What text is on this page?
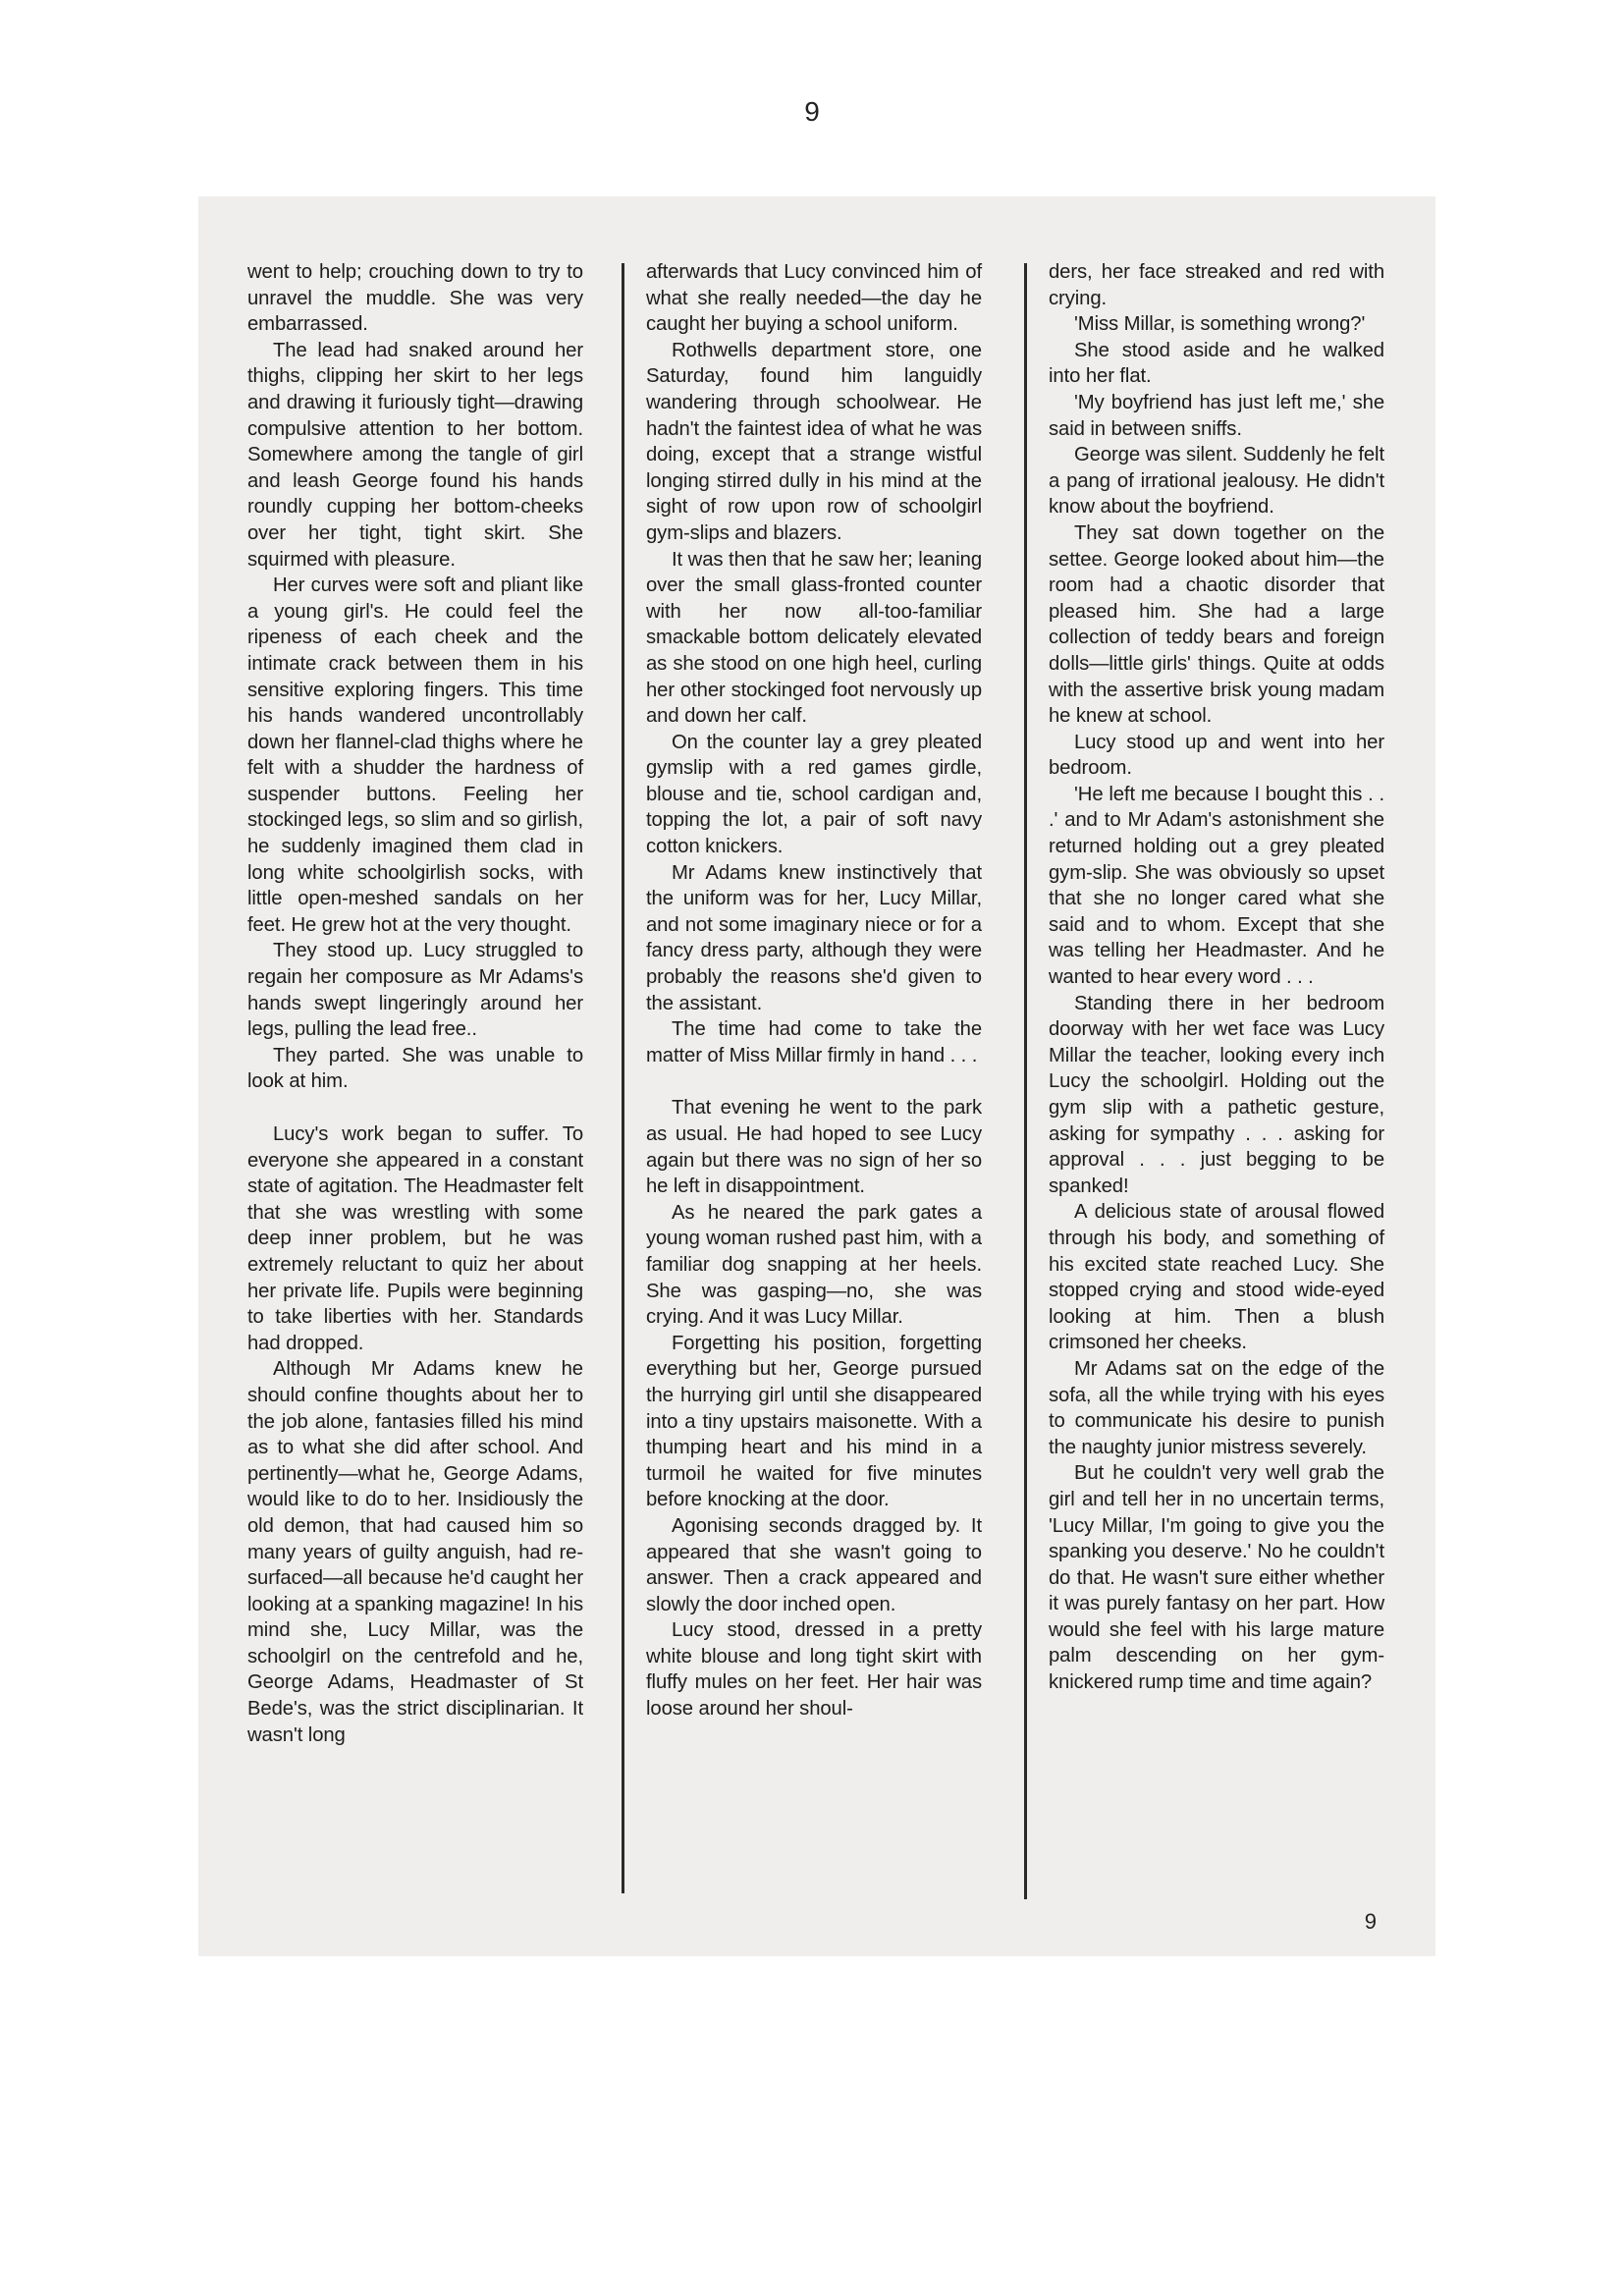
9

went to help; crouching down to try to unravel the muddle. She was very embarrassed.

The lead had snaked around her thighs, clipping her skirt to her legs and drawing it furiously tight—drawing compulsive attention to her bottom. Somewhere among the tangle of girl and leash George found his hands roundly cupping her bottom-cheeks over her tight, tight skirt. She squirmed with pleasure.

Her curves were soft and pliant like a young girl's. He could feel the ripeness of each cheek and the intimate crack between them in his sensitive exploring fingers. This time his hands wandered uncontrollably down her flannel-clad thighs where he felt with a shudder the hardness of suspender buttons. Feeling her stockinged legs, so slim and so girlish, he suddenly imagined them clad in long white schoolgirlish socks, with little open-meshed sandals on her feet. He grew hot at the very thought.

They stood up. Lucy struggled to regain her composure as Mr Adams's hands swept lingeringly around her legs, pulling the lead free..

They parted. She was unable to look at him.

Lucy's work began to suffer. To everyone she appeared in a constant state of agitation. The Headmaster felt that she was wrestling with some deep inner problem, but he was extremely reluctant to quiz her about her private life. Pupils were beginning to take liberties with her. Standards had dropped.

Although Mr Adams knew he should confine thoughts about her to the job alone, fantasies filled his mind as to what she did after school. And pertinently—what he, George Adams, would like to do to her. Insidiously the old demon, that had caused him so many years of guilty anguish, had re-surfaced—all because he'd caught her looking at a spanking magazine! In his mind she, Lucy Millar, was the schoolgirl on the centrefold and he, George Adams, Headmaster of St Bede's, was the strict disciplinarian. It wasn't long

afterwards that Lucy convinced him of what she really needed—the day he caught her buying a school uniform.

Rothwells department store, one Saturday, found him languidly wandering through schoolwear. He hadn't the faintest idea of what he was doing, except that a strange wistful longing stirred dully in his mind at the sight of row upon row of schoolgirl gym-slips and blazers.

It was then that he saw her; leaning over the small glass-fronted counter with her now all-too-familiar smackable bottom delicately elevated as she stood on one high heel, curling her other stockinged foot nervously up and down her calf.

On the counter lay a grey pleated gymslip with a red games girdle, blouse and tie, school cardigan and, topping the lot, a pair of soft navy cotton knickers.

Mr Adams knew instinctively that the uniform was for her, Lucy Millar, and not some imaginary niece or for a fancy dress party, although they were probably the reasons she'd given to the assistant.

The time had come to take the matter of Miss Millar firmly in hand . . .

That evening he went to the park as usual. He had hoped to see Lucy again but there was no sign of her so he left in disappointment.

As he neared the park gates a young woman rushed past him, with a familiar dog snapping at her heels. She was gasping—no, she was crying. And it was Lucy Millar.

Forgetting his position, forgetting everything but her, George pursued the hurrying girl until she disappeared into a tiny upstairs maisonette. With a thumping heart and his mind in a turmoil he waited for five minutes before knocking at the door.

Agonising seconds dragged by. It appeared that she wasn't going to answer. Then a crack appeared and slowly the door inched open.

Lucy stood, dressed in a pretty white blouse and long tight skirt with fluffy mules on her feet. Her hair was loose around her shoul-

ders, her face streaked and red with crying.

'Miss Millar, is something wrong?'

She stood aside and he walked into her flat.

'My boyfriend has just left me,' she said in between sniffs.

George was silent. Suddenly he felt a pang of irrational jealousy. He didn't know about the boyfriend.

They sat down together on the settee. George looked about him—the room had a chaotic disorder that pleased him. She had a large collection of teddy bears and foreign dolls—little girls' things. Quite at odds with the assertive brisk young madam he knew at school.

Lucy stood up and went into her bedroom.

'He left me because I bought this . . .' and to Mr Adam's astonishment she returned holding out a grey pleated gym-slip. She was obviously so upset that she no longer cared what she said and to whom. Except that she was telling her Headmaster. And he wanted to hear every word . . .

Standing there in her bedroom doorway with her wet face was Lucy Millar the teacher, looking every inch Lucy the schoolgirl. Holding out the gym slip with a pathetic gesture, asking for sympathy . . . asking for approval . . . just begging to be spanked!

A delicious state of arousal flowed through his body, and something of his excited state reached Lucy. She stopped crying and stood wide-eyed looking at him. Then a blush crimsoned her cheeks.

Mr Adams sat on the edge of the sofa, all the while trying with his eyes to communicate his desire to punish the naughty junior mistress severely.

But he couldn't very well grab the girl and tell her in no uncertain terms, 'Lucy Millar, I'm going to give you the spanking you deserve.' No he couldn't do that. He wasn't sure either whether it was purely fantasy on her part. How would she feel with his large mature palm descending on her gym-knickered rump time and time again?

9
